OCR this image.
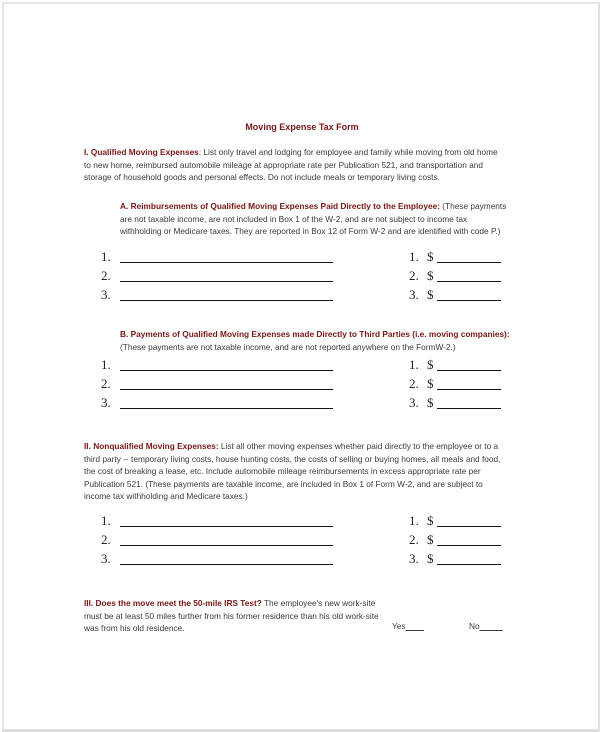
Moving Expense Tax Form
I. Qualified Moving Expenses: List only travel and lodging for employee and family while moving from old home to new home, reimbursed automobile mileage at appropriate rate per Publication 521, and transportation and storage of household goods and personal effects. Do not include meals or temporary living costs.
A. Reimbursements of Qualified Moving Expenses Paid Directly to the Employee: (These payments are not taxable income, are not included in Box 1 of the W-2, and are not subject to income tax withholding or Medicare taxes. They are reported in Box 12 of Form W-2 and are identified with code P.)
1.
2.
3.
1. $
2. $
3. $
B. Payments of Qualified Moving Expenses made Directly to Third Parties (i.e. moving companies): (These payments are not taxable income, and are not reported anywhere on the FormW-2.)
1.
2.
3.
1. $
2. $
3. $
II. Nonqualified Moving Expenses: List all other moving expenses whether paid directly to the employee or to a third party -- temporary living costs, house hunting costs, the costs of selling or buying homes, all meals and food, the cost of breaking a lease, etc. Include automobile mileage reimbursements in excess appropriate rate per Publication 521. (These payments are taxable income, are included in Box 1 of Form W-2, and are subject to income tax withholding and Medicare taxes.)
1.
2.
3.
1. $
2. $
3. $
III. Does the move meet the 50-mile IRS Test? The employee's new work-site must be at least 50 miles further from his former residence than his old work-site was from his old residence.	Yes____	No_____
